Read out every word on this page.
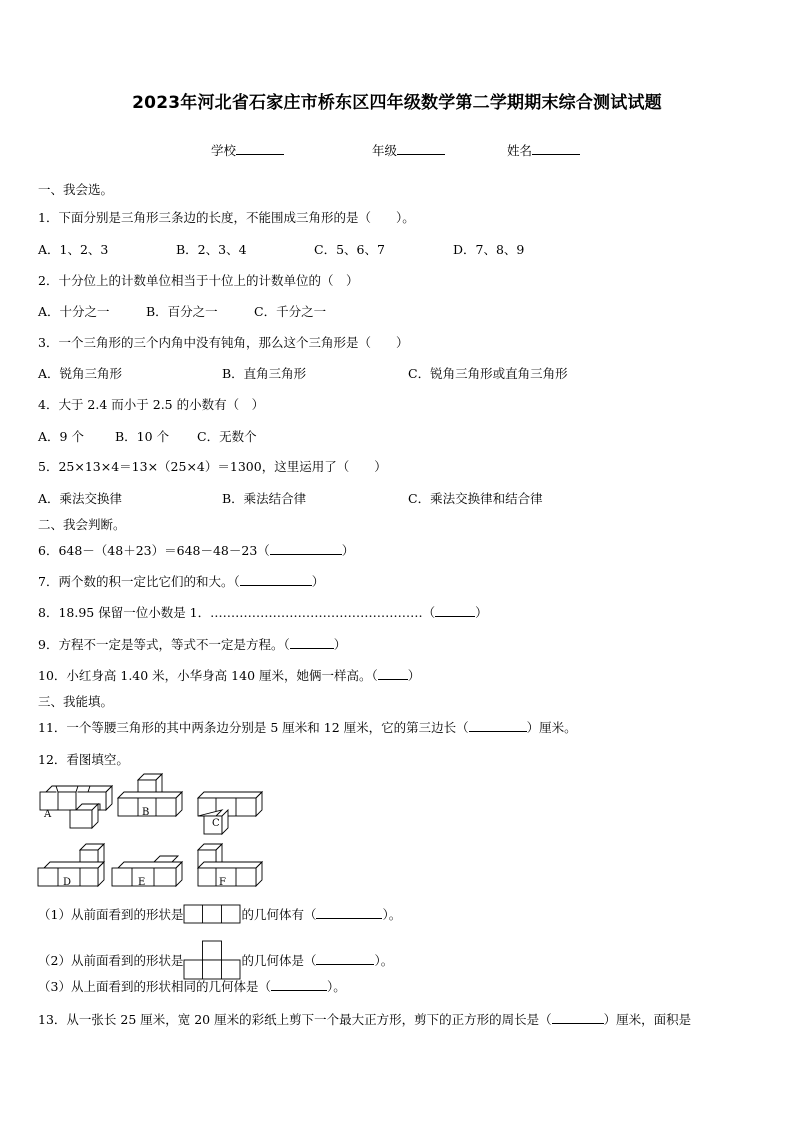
2023年河北省石家庄市桥东区四年级数学第二学期期末综合测试试题
学校	年级	姓名
一、我会选。
1．下面分别是三角形三条边的长度，不能围成三角形的是（　　）。
A．1、2、3	B．2、3、4	C．5、6、7	D．7、8、9
2．十分位上的计数单位相当于十位上的计数单位的（　）
A．十分之一	B．百分之一	C．千分之一
3．一个三角形的三个内角中没有钝角，那么这个三角形是（　　）
A．锐角三角形	B．直角三角形	C．锐角三角形或直角三角形
4．大于 2.4 而小于 2.5 的小数有（　）
A．9 个 B．10 个 C．无数个
5．25×13×4＝13×（25×4）＝1300，这里运用了（　　）
A．乘法交换律	B．乘法结合律	C．乘法交换律和结合律
二、我会判断。
6．648－（48＋23）＝648－48－23（	）
7．两个数的积一定比它们的和大。（	）
8．18.95 保留一位小数是 1．……………………………………………（	）
9．方程不一定是等式，等式不一定是方程。（	）
10．小红身高 1.40 米，小华身高 140 厘米，她俩一样高。（ ）
三、我能填。
11．一个等腰三角形的其中两条边分别是 5 厘米和 12 厘米，它的第三边长（	）厘米。
12．看图填空。
A	B
C
D	E	F
（1）从前面看到的形状是	的几何体有（	）。
（2）从前面看到的形状是	的几何体是（	）。
（3）从上面看到的形状相同的几何体是（	）。
13．从一张长 25 厘米，宽 20 厘米的彩纸上剪下一个最大正方形，剪下的正方形的周长是（	）厘米，面积是
